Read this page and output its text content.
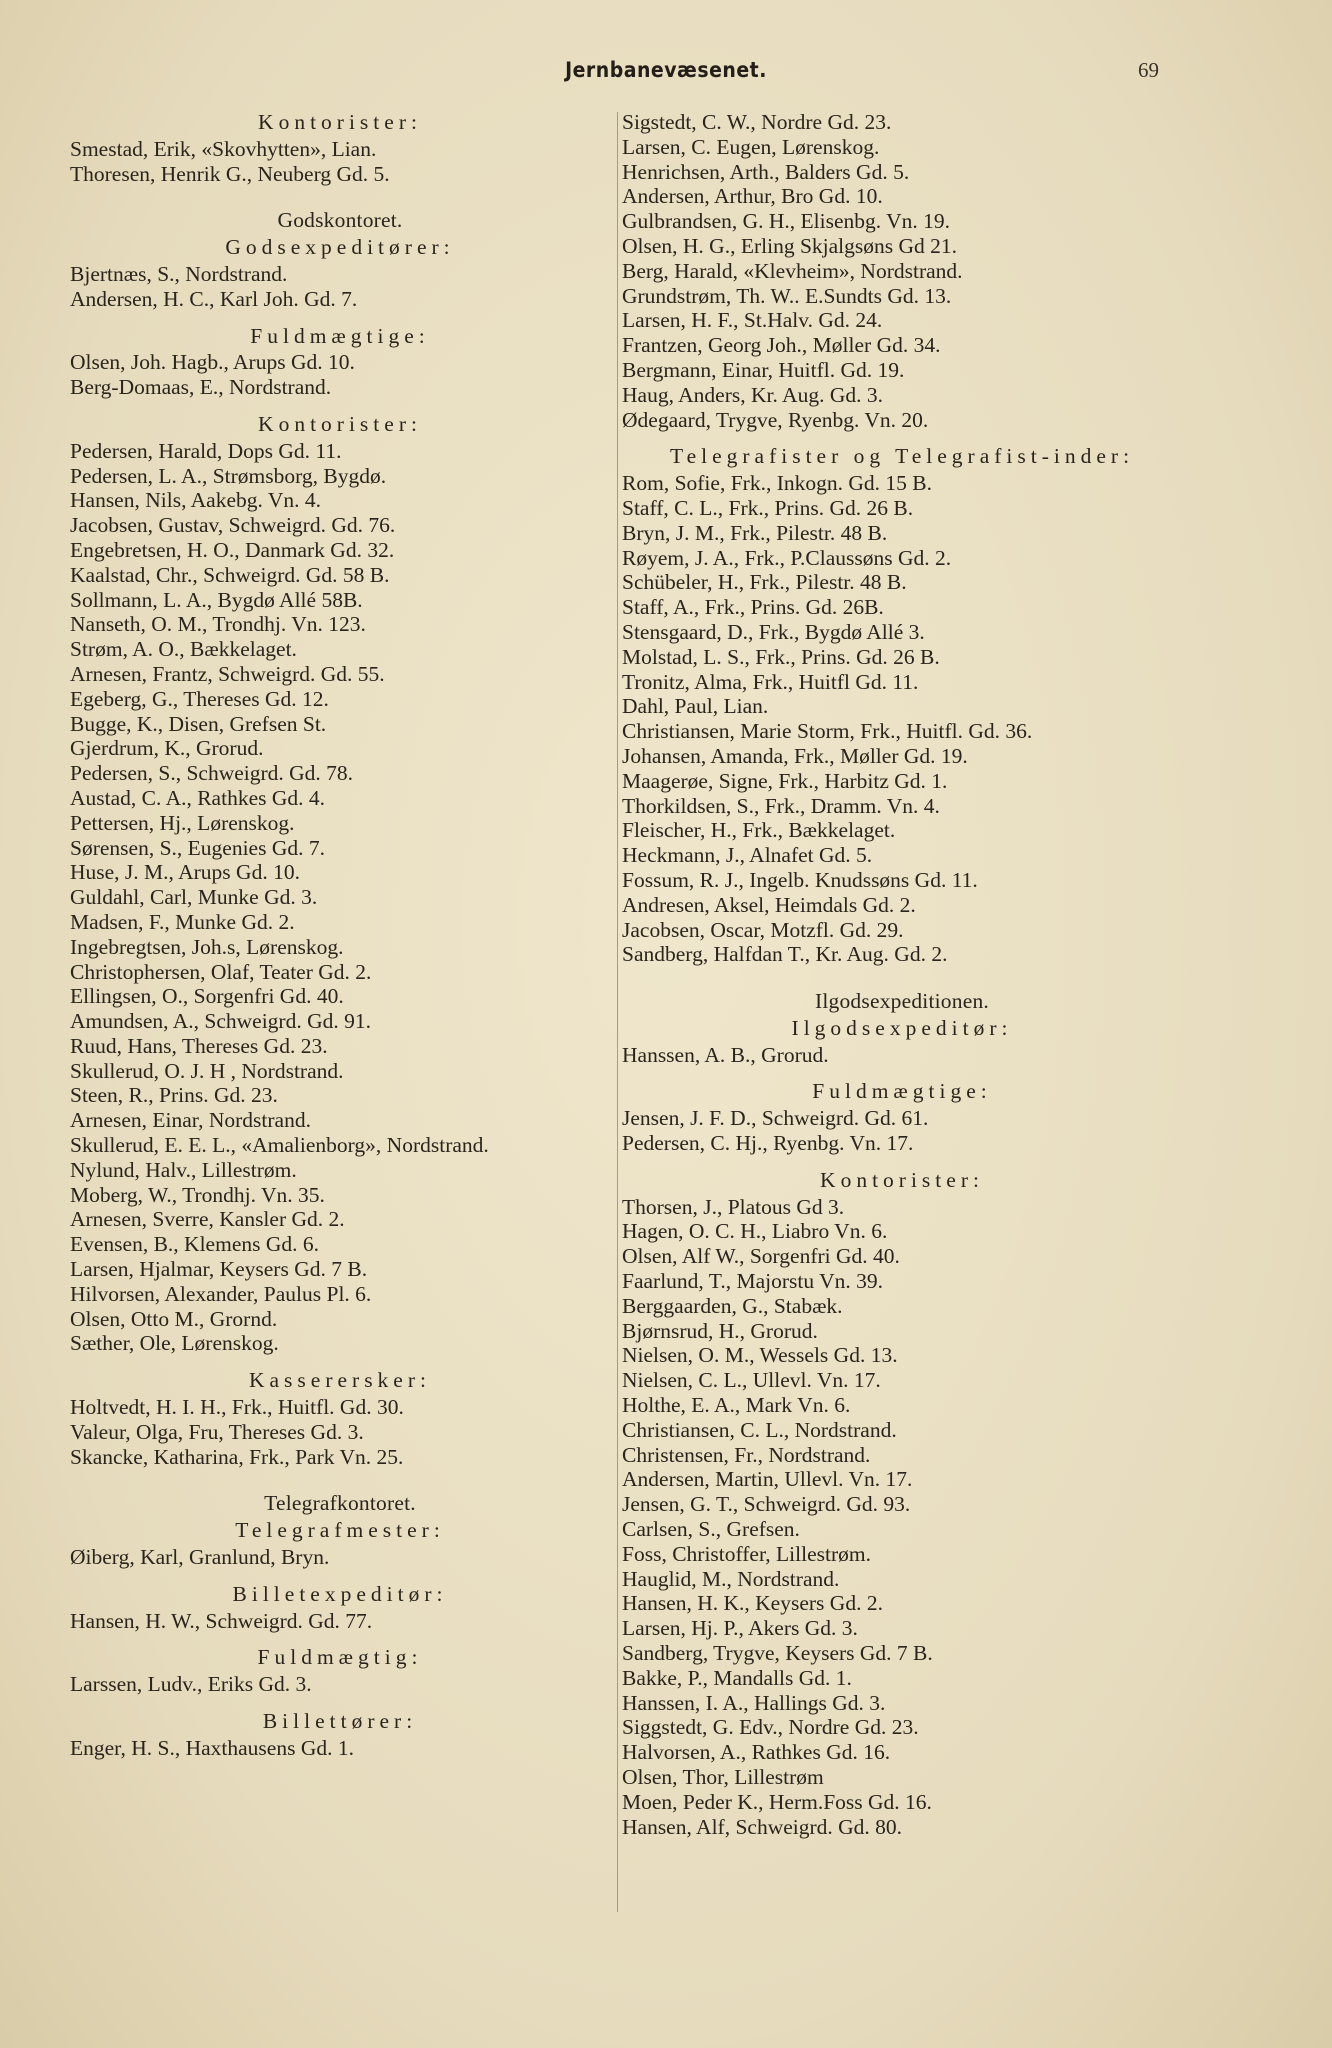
Jernbanevæsenet.	69
Kontorister:
Smestad, Erik, «Skovhytten», Lian.
Thoresen, Henrik G., Neuberg Gd. 5.
Godskontoret.
Godsexpeditører:
Bjertnæs, S., Nordstrand.
Andersen, H. C., Karl Joh. Gd. 7.
Fuldmægtige:
Olsen, Joh. Hagb., Arups Gd. 10.
Berg-Domaas, E., Nordstrand.
Kontorister:
Pedersen, Harald, Dops Gd. 11.
Pedersen, L. A., Strømsborg, Bygdø.
Hansen, Nils, Aakebg. Vn. 4.
Jacobsen, Gustav, Schweigrd. Gd. 76.
Engebretsen, H. O., Danmark Gd. 32.
Kaalstad, Chr., Schweigrd. Gd. 58 B.
Sollmann, L. A., Bygdø Allé 58B.
Nanseth, O. M., Trondhj. Vn. 123.
Strøm, A. O., Bækkelaget.
Arnesen, Frantz, Schweigrd. Gd. 55.
Egeberg, G., Thereses Gd. 12.
Bugge, K., Disen, Grefsen St.
Gjerdrum, K., Grorud.
Pedersen, S., Schweigrd. Gd. 78.
Austad, C. A., Rathkes Gd. 4.
Pettersen, Hj., Lørenskog.
Sørensen, S., Eugenies Gd. 7.
Huse, J. M., Arups Gd. 10.
Guldahl, Carl, Munke Gd. 3.
Madsen, F., Munke Gd. 2.
Ingebregtsen, Joh.s, Lørenskog.
Christophersen, Olaf, Teater Gd. 2.
Ellingsen, O., Sorgenfri Gd. 40.
Amundsen, A., Schweigrd. Gd. 91.
Ruud, Hans, Thereses Gd. 23.
Skullerud, O. J. H , Nordstrand.
Steen, R., Prins. Gd. 23.
Arnesen, Einar, Nordstrand.
Skullerud, E. E. L., «Amalienborg», Nordstrand.
Nylund, Halv., Lillestrøm.
Moberg, W., Trondhj. Vn. 35.
Arnesen, Sverre, Kansler Gd. 2.
Evensen, B., Klemens Gd. 6.
Larsen, Hjalmar, Keysers Gd. 7 B.
Hilvorsen, Alexander, Paulus Pl. 6.
Olsen, Otto M., Grornd.
Sæther, Ole, Lørenskog.
Kasserersker:
Holtvedt, H. I. H., Frk., Huitfl. Gd. 30.
Valeur, Olga, Fru, Thereses Gd. 3.
Skancke, Katharina, Frk., Park Vn. 25.
Telegrafkontoret.
Telegrafmester:
Øiberg, Karl, Granlund, Bryn.
Billetexpeditør:
Hansen, H. W., Schweigrd. Gd. 77.
Fuldmægtig:
Larssen, Ludv., Eriks Gd. 3.
Billettører:
Enger, H. S., Haxthausens Gd. 1.
Sigstedt, C. W., Nordre Gd. 23.
Larsen, C. Eugen, Lørenskog.
Henrichsen, Arth., Balders Gd. 5.
Andersen, Arthur, Bro Gd. 10.
Gulbrandsen, G. H., Elisenbg. Vn. 19.
Olsen, H. G., Erling Skjalgsøns Gd 21.
Berg, Harald, «Klevheim», Nordstrand.
Grundstrøm, Th. W.. E.Sundts Gd. 13.
Larsen, H. F., St.Halv. Gd. 24.
Frantzen, Georg Joh., Møller Gd. 34.
Bergmann, Einar, Huitfl. Gd. 19.
Haug, Anders, Kr. Aug. Gd. 3.
Ødegaard, Trygve, Ryenbg. Vn. 20.
Telegrafister og Telegrafist-inder:
Rom, Sofie, Frk., Inkogn. Gd. 15 B.
Staff, C. L., Frk., Prins. Gd. 26 B.
Bryn, J. M., Frk., Pilestr. 48 B.
Røyem, J. A., Frk., P.Claussøns Gd. 2.
Schübeler, H., Frk., Pilestr. 48 B.
Staff, A., Frk., Prins. Gd. 26B.
Stensgaard, D., Frk., Bygdø Allé 3.
Molstad, L. S., Frk., Prins. Gd. 26 B.
Tronitz, Alma, Frk., Huitfl Gd. 11.
Dahl, Paul, Lian.
Christiansen, Marie Storm, Frk., Huitfl. Gd. 36.
Johansen, Amanda, Frk., Møller Gd. 19.
Maagerøe, Signe, Frk., Harbitz Gd. 1.
Thorkildsen, S., Frk., Dramm. Vn. 4.
Fleischer, H., Frk., Bækkelaget.
Heckmann, J., Alnafet Gd. 5.
Fossum, R. J., Ingelb. Knudssøns Gd. 11.
Andresen, Aksel, Heimdals Gd. 2.
Jacobsen, Oscar, Motzfl. Gd. 29.
Sandberg, Halfdan T., Kr. Aug. Gd. 2.
Ilgodsexpeditionen.
Ilgodsexpeditør:
Hanssen, A. B., Grorud.
Fuldmægtige:
Jensen, J. F. D., Schweigrd. Gd. 61.
Pedersen, C. Hj., Ryenbg. Vn. 17.
Kontorister:
Thorsen, J., Platous Gd 3.
Hagen, O. C. H., Liabro Vn. 6.
Olsen, Alf W., Sorgenfri Gd. 40.
Faarlund, T., Majorstu Vn. 39.
Berggaarden, G., Stabæk.
Bjørnsrud, H., Grorud.
Nielsen, O. M., Wessels Gd. 13.
Nielsen, C. L., Ullevl. Vn. 17.
Holthe, E. A., Mark Vn. 6.
Christiansen, C. L., Nordstrand.
Christensen, Fr., Nordstrand.
Andersen, Martin, Ullevl. Vn. 17.
Jensen, G. T., Schweigrd. Gd. 93.
Carlsen, S., Grefsen.
Foss, Christoffer, Lillestrøm.
Hauglid, M., Nordstrand.
Hansen, H. K., Keysers Gd. 2.
Larsen, Hj. P., Akers Gd. 3.
Sandberg, Trygve, Keysers Gd. 7 B.
Bakke, P., Mandalls Gd. 1.
Hanssen, I. A., Hallings Gd. 3.
Siggstedt, G. Edv., Nordre Gd. 23.
Halvorsen, A., Rathkes Gd. 16.
Olsen, Thor, Lillestrøm
Moen, Peder K., Herm.Foss Gd. 16.
Hansen, Alf, Schweigrd. Gd. 80.
